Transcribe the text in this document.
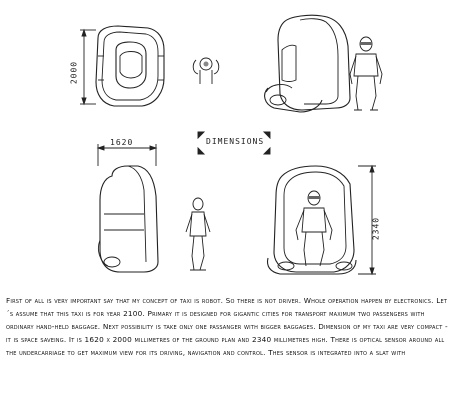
2000
1620
2340
DIMENSIONS

First of all is very important say that my concept of taxi is robot. So there is not driver. Whole operation happen by electronics. Let´s assume that this taxi is for year 2100. Primary it is designed for gigantic cities for transport maximum two passengers with ordinary hand-held baggage. Next possibility is take only one passanger with bigger baggages. Dimension of my taxi are very compact - it is space saveing. It is 1620 x 2000 millimetres of the ground plan and 2340 millimetres high. There is optical sensor around all the undercarriage to get maximum view for its driving, navigation and control. Thes sensor is integrated into a slat with
